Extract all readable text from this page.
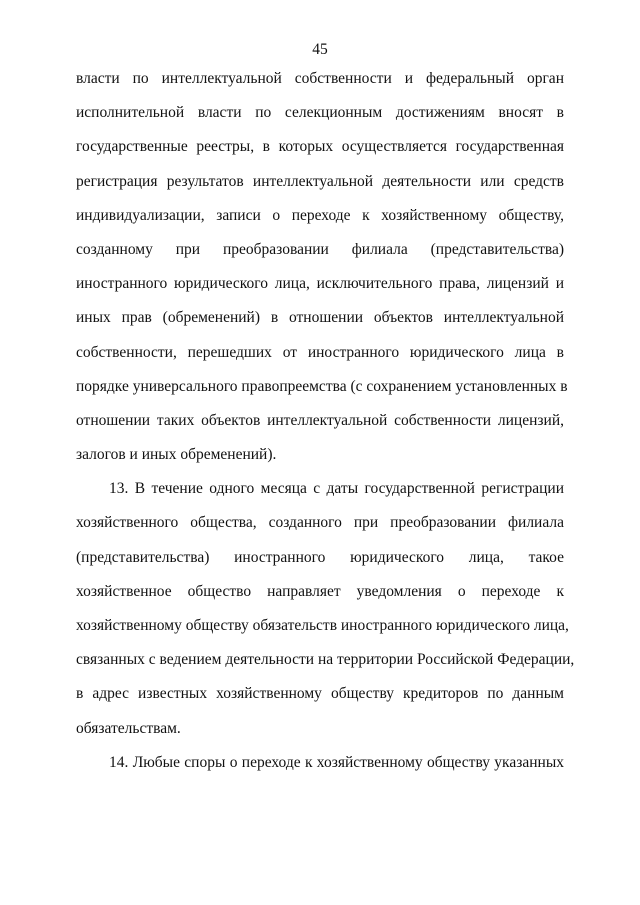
45
власти по интеллектуальной собственности и федеральный орган
исполнительной власти по селекционным достижениям вносят в
государственные реестры, в которых осуществляется государственная
регистрация результатов интеллектуальной деятельности или средств
индивидуализации, записи о переходе к хозяйственному обществу,
созданному при преобразовании филиала (представительства)
иностранного юридического лица, исключительного права, лицензий и
иных прав (обременений) в отношении объектов интеллектуальной
собственности, перешедших от иностранного юридического лица в
порядке универсального правопреемства (с сохранением установленных в
отношении таких объектов интеллектуальной собственности лицензий,
залогов и иных обременений).
13. В течение одного месяца с даты государственной регистрации
хозяйственного общества, созданного при преобразовании филиала
(представительства) иностранного юридического лица, такое
хозяйственное общество направляет уведомления о переходе к
хозяйственному обществу обязательств иностранного юридического лица,
связанных с ведением деятельности на территории Российской Федерации,
в адрес известных хозяйственному обществу кредиторов по данным
обязательствам.
14. Любые споры о переходе к хозяйственному обществу указанных
